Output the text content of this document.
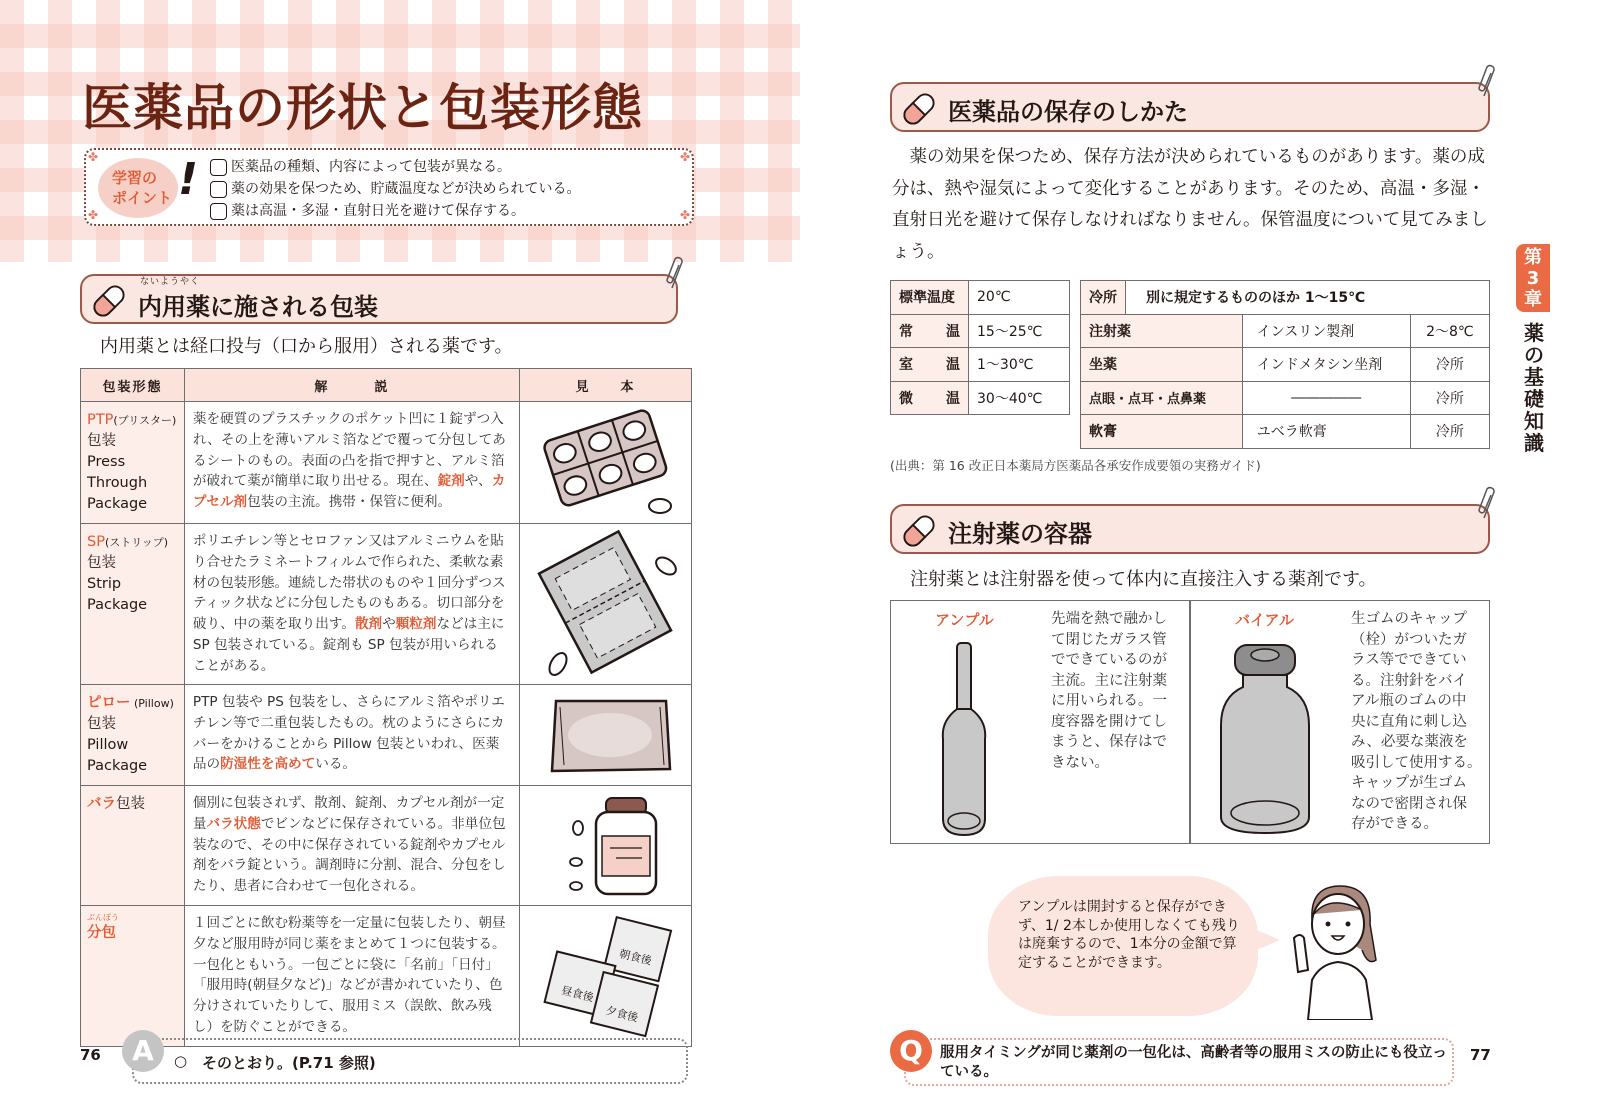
医薬品の形状と包装形態
✤	✤
✤	✤
学習の
ポイント ! 医薬品の種類、内容によって包装が異なる。
薬の効果を保つため、貯蔵温度などが決められている。
薬は高温・多湿・直射日光を避けて保存する。
ないようやく
内用薬に施される包装

内用薬とは経口投与（口から服用）される薬です。

包装形態	解　　　説	見　　本
PTP(ブリスター)
包装
Press
Through
Package	薬を硬質のプラスチックのポケット凹に１錠ずつ入れ、その上を薄いアルミ箔などで覆って分包してあるシートのもの。表面の凸を指で押すと、アルミ箔が破れて薬が簡単に取り出せる。現在、錠剤や、カプセル剤包装の主流。携帯・保管に便利。	
SP(ストリップ)
包装
Strip
Package	ポリエチレン等とセロファン又はアルミニウムを貼り合せたラミネートフィルムで作られた、柔軟な素材の包装形態。連続した帯状のものや１回分ずつスティック状などに分包したものもある。切口部分を破り、中の薬を取り出す。散剤や顆粒剤などは主に SP 包装されている。錠剤も SP 包装が用いられることがある。	
ピロー (Pillow)
包装
Pillow
Package	PTP 包装や PS 包装をし、さらにアルミ箔やポリエチレン等で二重包装したもの。枕のようにさらにカバーをかけることから Pillow 包装といわれ、医薬品の防湿性を高めている。	
バラ包装	個別に包装されず、散剤、錠剤、カプセル剤が一定量バラ状態でビンなどに保存されている。非単位包装なので、その中に保存されている錠剤やカプセル剤をバラ錠という。調剤時に分割、混合、分包をしたり、患者に合わせて一包化される。	

ぶんぽう
分包	１回ごとに飲む粉薬等を一定量に包装したり、朝昼夕など服用時が同じ薬をまとめて１つに包装する。一包化ともいう。一包ごとに袋に「名前」「日付」「服用時(朝昼夕など)」などが書かれていたり、色分けされていたりして、服用ミス（誤飲、飲み残し）を防ぐことができる。	朝食後
昼食後
夕食後
76	○ そのとおり。(P.71 参照)
A
医薬品の保存のしかた

　薬の効果を保つため、保存方法が決められているものがあります。薬の成分は、熱や湿気によって変化することがあります。そのため、高温・多湿・直射日光を避けて保存しなければなりません。保管温度について見てみましょう。

標準温度	20℃

常 温	15～25℃

室 温	1～30℃

微 温	30～40℃
冷所	別に規定するもののほか 1～15℃		
注射薬		インスリン製剤	2～8℃
坐薬		インドメタシン坐剤	冷所
点眼・点耳・点鼻薬		―――――	冷所
軟膏		ユベラ軟膏	冷所

(出典：第 16 改正日本薬局方医薬品各承安作成要領の実務ガイド)

注射薬の容器

注射薬とは注射器を使って体内に直接注入する薬剤です。

アンプル	先端を熱で融かし
て閉じたガラス管
でできているのが
主流。主に注射薬
に用いられる。一
度容器を開けてし
まうと、保存はで
きない。
バイアル	生ゴムのキャップ
（栓）がついたガ
ラス等でできてい
る。注射針をバイ
アル瓶のゴムの中
央に直角に刺し込
み、必要な薬液を
吸引して使用する。
キャップが生ゴム
なので密閉され保
存ができる。

アンプルは開封すると保存ができず、1/ 2本しか使用しなくても残りは廃棄するので、1本分の金額で算定することができます。

服用タイミングが同じ薬剤の一包化は、高齢者等の服用ミスの防止にも役立っている。
Q	77
第
3
章
薬
の
基
礎
知
識
